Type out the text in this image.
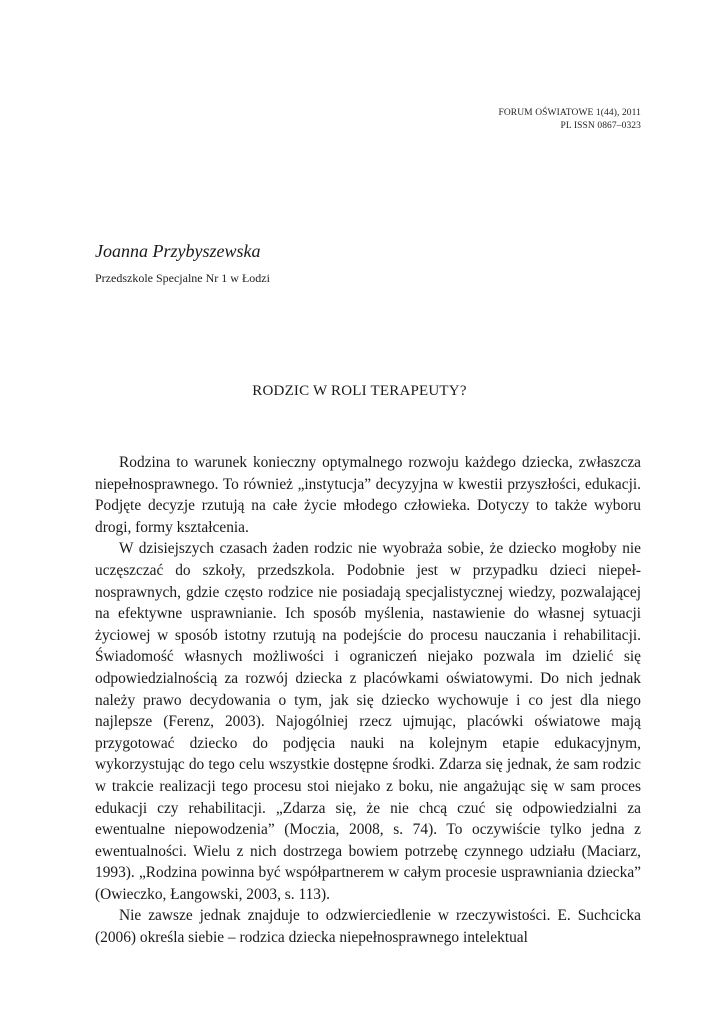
FORUM OŚWIATOWE 1(44), 2011
PL ISSN 0867–0323
Joanna Przybyszewska
Przedszkole Specjalne Nr 1 w Łodzi
RODZIC W ROLI TERAPEUTY?

Rodzina to warunek konieczny optymalnego rozwoju każdego dziecka, zwłaszcza niepełnosprawnego. To również „instytucja” decyzyjna w kwestii przyszłości, edukacji. Podjęte decyzje rzutują na całe życie młodego człowieka. Dotyczy to także wyboru drogi, formy kształcenia.

W dzisiejszych czasach żaden rodzic nie wyobraża sobie, że dziecko mogłoby nie uczęszczać do szkoły, przedszkola. Podobnie jest w przypadku dzieci niepełnosprawnych, gdzie często rodzice nie posiadają specjalistycznej wiedzy, pozwalającej na efektywne usprawnianie. Ich sposób myślenia, nastawienie do własnej sytuacji życiowej w sposób istotny rzutują na podejście do procesu nauczania i rehabilitacji. Świadomość własnych możliwości i ograniczeń niejako pozwala im dzielić się odpowiedzialnością za rozwój dziecka z placówkami oświatowymi. Do nich jednak należy prawo decydowania o tym, jak się dziecko wychowuje i co jest dla niego najlepsze (Ferenz, 2003). Najogólniej rzecz ujmując, placówki oświatowe mają przygotować dziecko do podjęcia nauki na kolejnym etapie edukacyjnym, wykorzystując do tego celu wszystkie dostępne środki. Zdarza się jednak, że sam rodzic w trakcie realizacji tego procesu stoi niejako z boku, nie angażując się w sam proces edukacji czy rehabilitacji. „Zdarza się, że nie chcą czuć się odpowiedzialni za ewentualne niepowodzenia” (Moczia, 2008, s. 74). To oczywiście tylko jedna z ewentualności. Wielu z nich dostrzega bowiem potrzebę czynnego udziału (Maciarz, 1993). „Rodzina powinna być współpartnerem w całym procesie usprawniania dziecka” (Owieczko, Łangowski, 2003, s. 113).

Nie zawsze jednak znajduje to odzwierciedlenie w rzeczywistości. E. Suchcicka (2006) określa siebie – rodzica dziecka niepełnosprawnego intelektual
